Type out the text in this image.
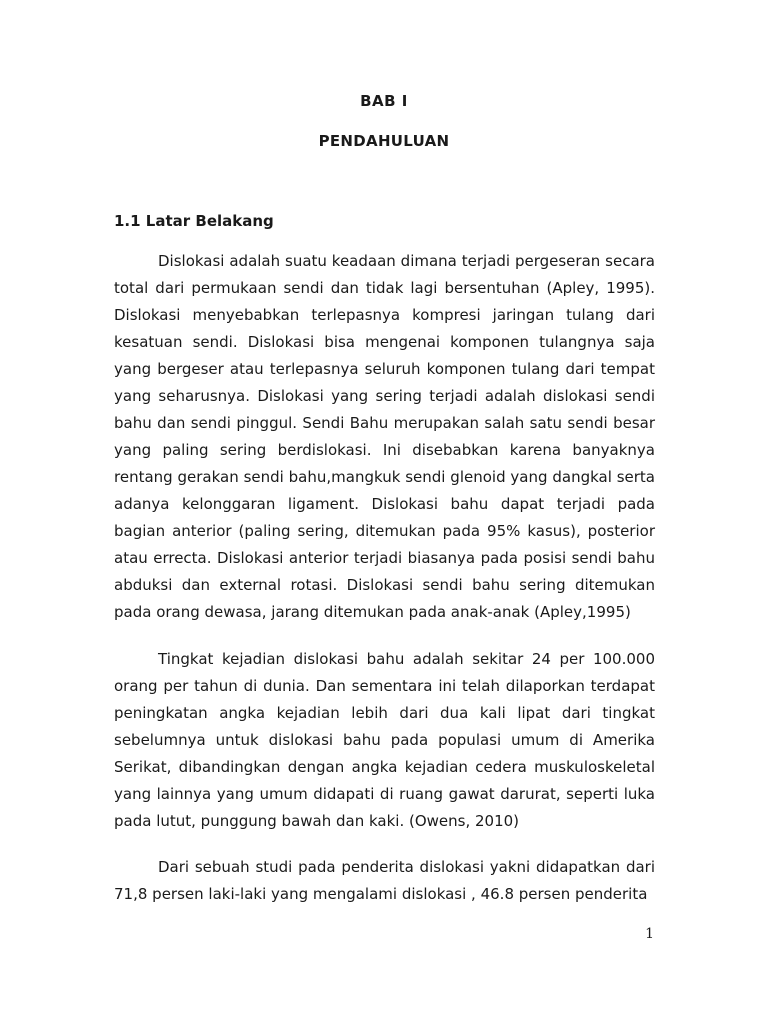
BAB I
PENDAHULUAN
1.1 Latar Belakang

Dislokasi adalah suatu keadaan dimana terjadi pergeseran secara total dari permukaan sendi dan tidak lagi bersentuhan (Apley, 1995). Dislokasi menyebabkan terlepasnya kompresi jaringan tulang dari kesatuan sendi. Dislokasi bisa mengenai komponen tulangnya saja yang bergeser atau terlepasnya seluruh komponen tulang dari tempat yang seharusnya. Dislokasi yang sering terjadi adalah dislokasi sendi bahu dan sendi pinggul. Sendi Bahu merupakan salah satu sendi besar yang paling sering berdislokasi. Ini disebabkan karena banyaknya rentang gerakan sendi bahu,mangkuk sendi glenoid yang dangkal serta adanya kelonggaran ligament. Dislokasi bahu dapat terjadi pada bagian anterior (paling sering, ditemukan pada 95% kasus), posterior atau errecta. Dislokasi anterior terjadi biasanya pada posisi sendi bahu abduksi dan external rotasi. Dislokasi sendi bahu sering ditemukan pada orang dewasa, jarang ditemukan pada anak-anak (Apley,1995)

Tingkat kejadian dislokasi bahu adalah sekitar 24 per 100.000 orang per tahun di dunia. Dan sementara ini telah dilaporkan terdapat peningkatan angka kejadian lebih dari dua kali lipat dari tingkat sebelumnya untuk dislokasi bahu pada populasi umum di Amerika Serikat, dibandingkan dengan angka kejadian cedera muskuloskeletal yang lainnya yang umum didapati di ruang gawat darurat, seperti luka pada lutut, punggung bawah dan kaki. (Owens, 2010)

Dari sebuah studi pada penderita dislokasi yakni didapatkan dari 71,8 persen laki-laki yang mengalami dislokasi , 46.8 persen penderita

1
